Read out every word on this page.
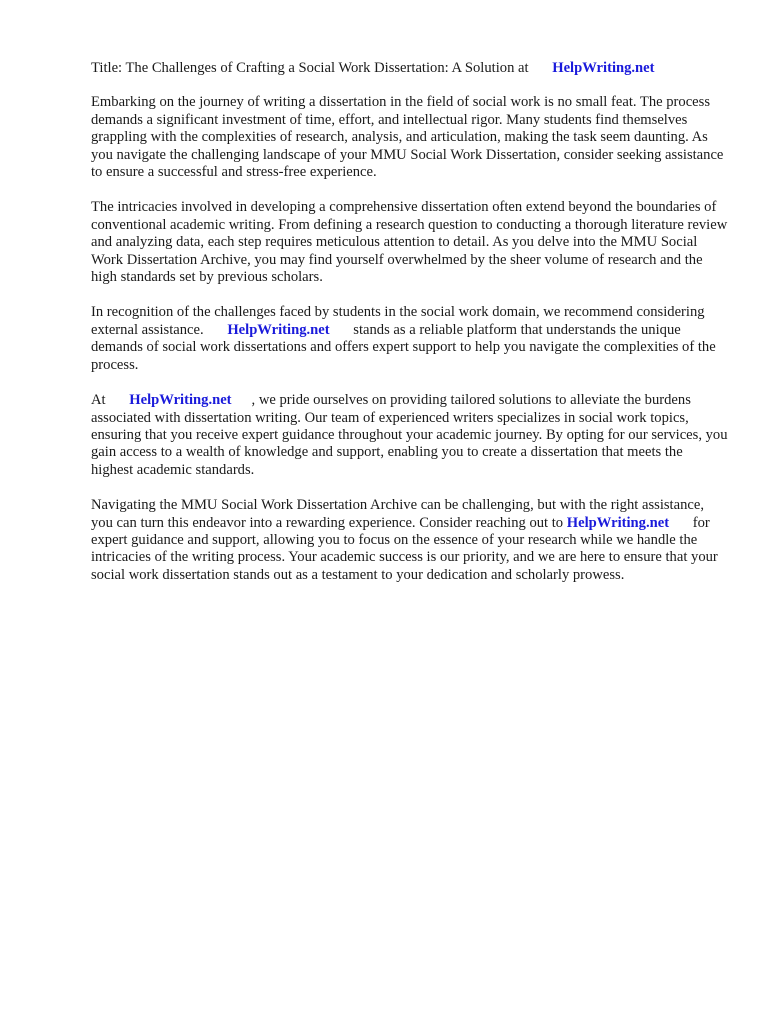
Title: The Challenges of Crafting a Social Work Dissertation: A Solution at HelpWriting.net

Embarking on the journey of writing a dissertation in the field of social work is no small feat. The process demands a significant investment of time, effort, and intellectual rigor. Many students find themselves grappling with the complexities of research, analysis, and articulation, making the task seem daunting. As you navigate the challenging landscape of your MMU Social Work Dissertation, consider seeking assistance to ensure a successful and stress-free experience.

The intricacies involved in developing a comprehensive dissertation often extend beyond the boundaries of conventional academic writing. From defining a research question to conducting a thorough literature review and analyzing data, each step requires meticulous attention to detail. As you delve into the MMU Social Work Dissertation Archive, you may find yourself overwhelmed by the sheer volume of research and the high standards set by previous scholars.

In recognition of the challenges faced by students in the social work domain, we recommend considering external assistance. HelpWriting.net stands as a reliable platform that understands the unique demands of social work dissertations and offers expert support to help you navigate the complexities of the process.

At HelpWriting.net , we pride ourselves on providing tailored solutions to alleviate the burdens associated with dissertation writing. Our team of experienced writers specializes in social work topics, ensuring that you receive expert guidance throughout your academic journey. By opting for our services, you gain access to a wealth of knowledge and support, enabling you to create a dissertation that meets the highest academic standards.

Navigating the MMU Social Work Dissertation Archive can be challenging, but with the right assistance, you can turn this endeavor into a rewarding experience. Consider reaching out to HelpWriting.net for expert guidance and support, allowing you to focus on the essence of your research while we handle the intricacies of the writing process. Your academic success is our priority, and we are here to ensure that your social work dissertation stands out as a testament to your dedication and scholarly prowess.
